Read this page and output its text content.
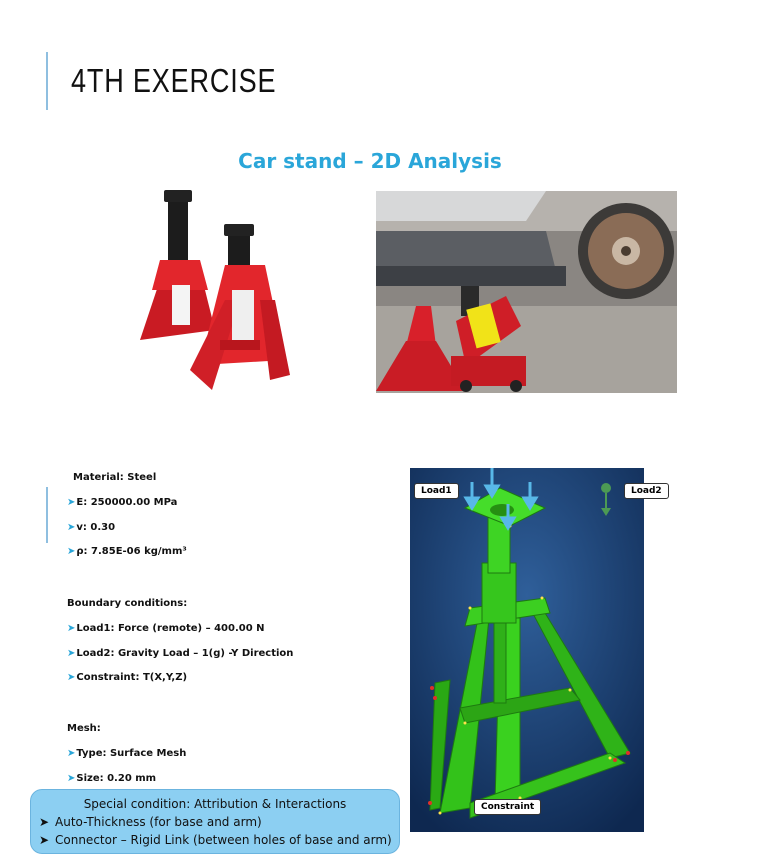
4TH EXERCISE
Car stand – 2D Analysis
Material: Steel
➤E: 250000.00 MPa
➤v: 0.30
➤ρ: 7.85E-06 kg/mm³
Boundary conditions:
➤Load1: Force (remote) – 400.00 N
➤Load2: Gravity Load – 1(g) -Y Direction
➤Constraint: T(X,Y,Z)
Mesh:
➤Type: Surface Mesh
➤Size: 0.20 mm
Special condition: Attribution & Interactions
➤ Auto-Thickness (for base and arm)
➤ Connector – Rigid Link (between holes of base and arm)
Load1	Load2
Constraint
